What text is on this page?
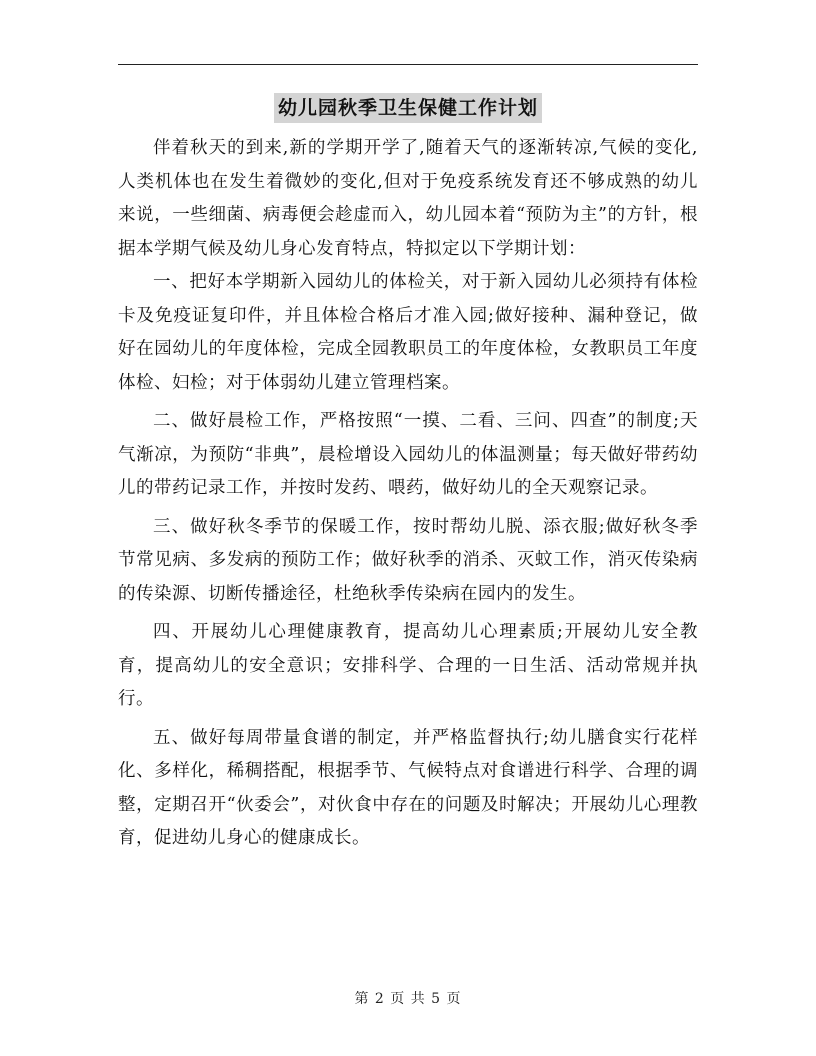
幼儿园秋季卫生保健工作计划

伴着秋天的到来,新的学期开学了,随着天气的逐渐转凉,气候的变化,人类机体也在发生着微妙的变化,但对于免疫系统发育还不够成熟的幼儿来说，一些细菌、病毒便会趁虚而入，幼儿园本着“预防为主”的方针，根据本学期气候及幼儿身心发育特点，特拟定以下学期计划：

一、把好本学期新入园幼儿的体检关，对于新入园幼儿必须持有体检卡及免疫证复印件，并且体检合格后才准入园;做好接种、漏种登记，做好在园幼儿的年度体检，完成全园教职员工的年度体检，女教职员工年度体检、妇检；对于体弱幼儿建立管理档案。

二、做好晨检工作，严格按照“一摸、二看、三问、四查”的制度;天气渐凉，为预防“非典”，晨检增设入园幼儿的体温测量；每天做好带药幼儿的带药记录工作，并按时发药、喂药，做好幼儿的全天观察记录。

三、做好秋冬季节的保暖工作，按时帮幼儿脱、添衣服;做好秋冬季节常见病、多发病的预防工作；做好秋季的消杀、灭蚊工作，消灭传染病的传染源、切断传播途径，杜绝秋季传染病在园内的发生。

四、开展幼儿心理健康教育，提高幼儿心理素质;开展幼儿安全教育，提高幼儿的安全意识；安排科学、合理的一日生活、活动常规并执行。

五、做好每周带量食谱的制定，并严格监督执行;幼儿膳食实行花样化、多样化，稀稠搭配，根据季节、气候特点对食谱进行科学、合理的调整，定期召开“伙委会”，对伙食中存在的问题及时解决；开展幼儿心理教育，促进幼儿身心的健康成长。

第 2 页 共 5 页
